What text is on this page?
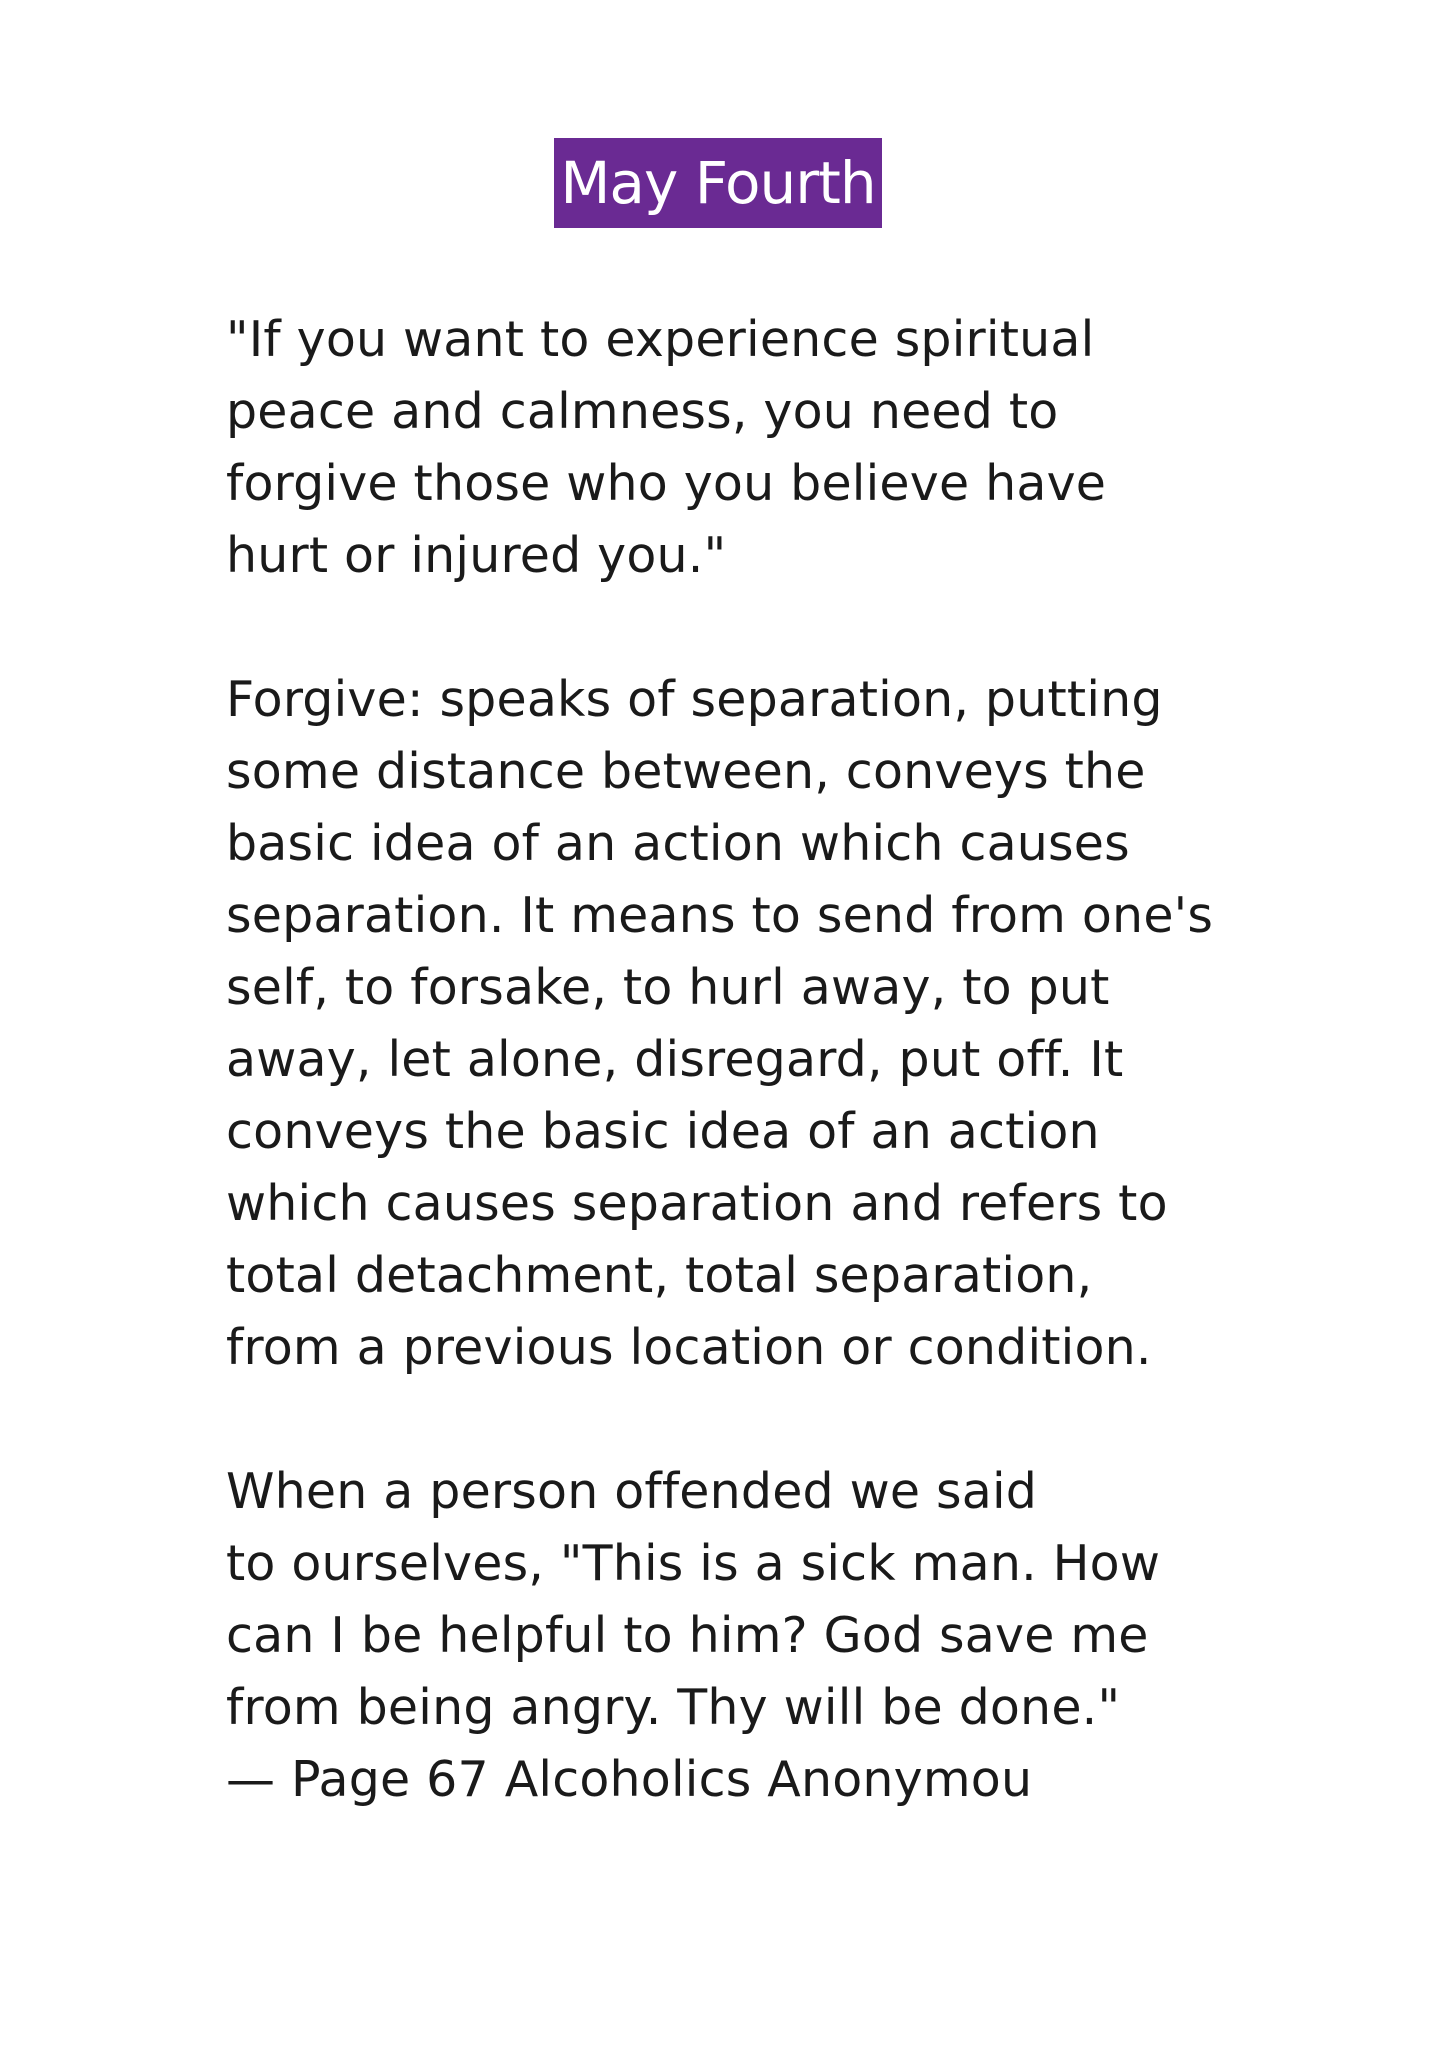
May Fourth

"If you want to experience spiritual
peace and calmness, you need to
forgive those who you believe have
hurt or injured you."

Forgive: speaks of separation, putting
some distance between, conveys the
basic idea of an action which causes
separation. It means to send from one's
self, to forsake, to hurl away, to put
away, let alone, disregard, put off. It
conveys the basic idea of an action
which causes separation and refers to
total detachment, total separation,
from a previous location or condition.

When a person offended we said
to ourselves, "This is a sick man. How
can I be helpful to him? God save me
from being angry. Thy will be done."
— Page 67 Alcoholics Anonymou
